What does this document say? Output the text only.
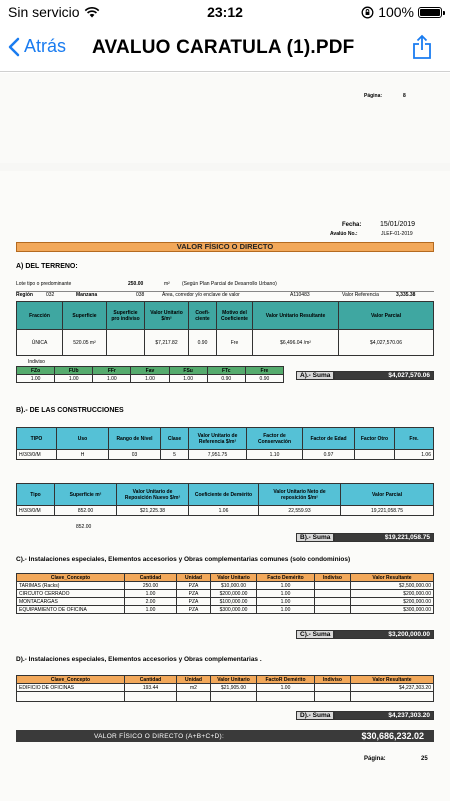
Sin servicio	23:12	100%
Atrás AVALUO CARATULA (1).PDF
Página:	8
Fecha:	15/01/2019
Avalúo No.:	JLEF-01-2019
VALOR FÍSICO O DIRECTO
A) DEL TERRENO:
Lote tipo o predominante	250.00	m² (Según Plan Parcial de Desarrollo Urbano)
Región	032	Manzana	038	Área, corredor y/o enclave de valor	A110483	Valor Referencia	3,335.38
Fracción	Superficie	Superficie pro indiviso	Valor Unitario $/m²	Coefi-ciente	Motivo del Coeficiente	Valor Unitario Resultante	Valor Parcial
ÚNICA	520.05 m²		$7,217.82	0.90	Fre	$6,496.04 /m²	$4,027,570.06
Indiviso
FZo	FUb	FFr	Fav	FSu	FTc	Fre
1.00	1.00	1.00	1.00	1.00	0.90	0.90	A).- Suma	$4,027,570.06
B).- DE LAS CONSTRUCCIONES
TIPO	Uso	Rango de Nivel	Clase	Valor Unitario de Referencia $/m²	Factor de Conservación	Factor de Edad	Factor Otro	Fre.
H/3/3/0/M	H	03	5	7,951.75	1.10	0.97		1.06
Tipo	Superficie m²	Valor Unitario de Reposición Nuevo $/m²	Coeficiente de Demérito	Valor Unitario Neto de reposición $/m²	Valor Parcial
H/3/3/0/M	852.00	$21,225.38	1.06	22,559.93	19,221,058.75
852.00
B).- Suma	$19,221,058.75
C).- Instalaciones especiales, Elementos accesorios y Obras complementarias comunes (solo condominios)
Clave_Concepto	Cantidad	Unidad	Valor Unitario	Facto Demérito	Indiviso	Valor Resultante
TARIMAS (Racks)	250.00	PZA	$10,000.00	1.00		$2,500,000.00
CIRCUITO CERRADO	1.00	PZA	$200,000.00	1.00		$200,000.00
MONTACARGAS	2.00	PZA	$100,000.00	1.00		$200,000.00
EQUIPAMIENTO DE OFICINA	1.00	PZA	$300,000.00	1.00		$300,000.00
C).- Suma	$3,200,000.00
D).- Instalaciones especiales, Elementos accesorios y Obras complementarias .
Clave_Concepto	Cantidad	Unidad	Valor Unitario	FactoR Demérito	Indiviso	Valor Resultante
EDIFICIO DE OFICINAS	193.44	m2	$21,905.00	1.00		$4,237,303.20

D).- Suma	$4,237,303.20
VALOR FÍSICO O DIRECTO (A+B+C+D):	$30,686,232.02
Página:	25
